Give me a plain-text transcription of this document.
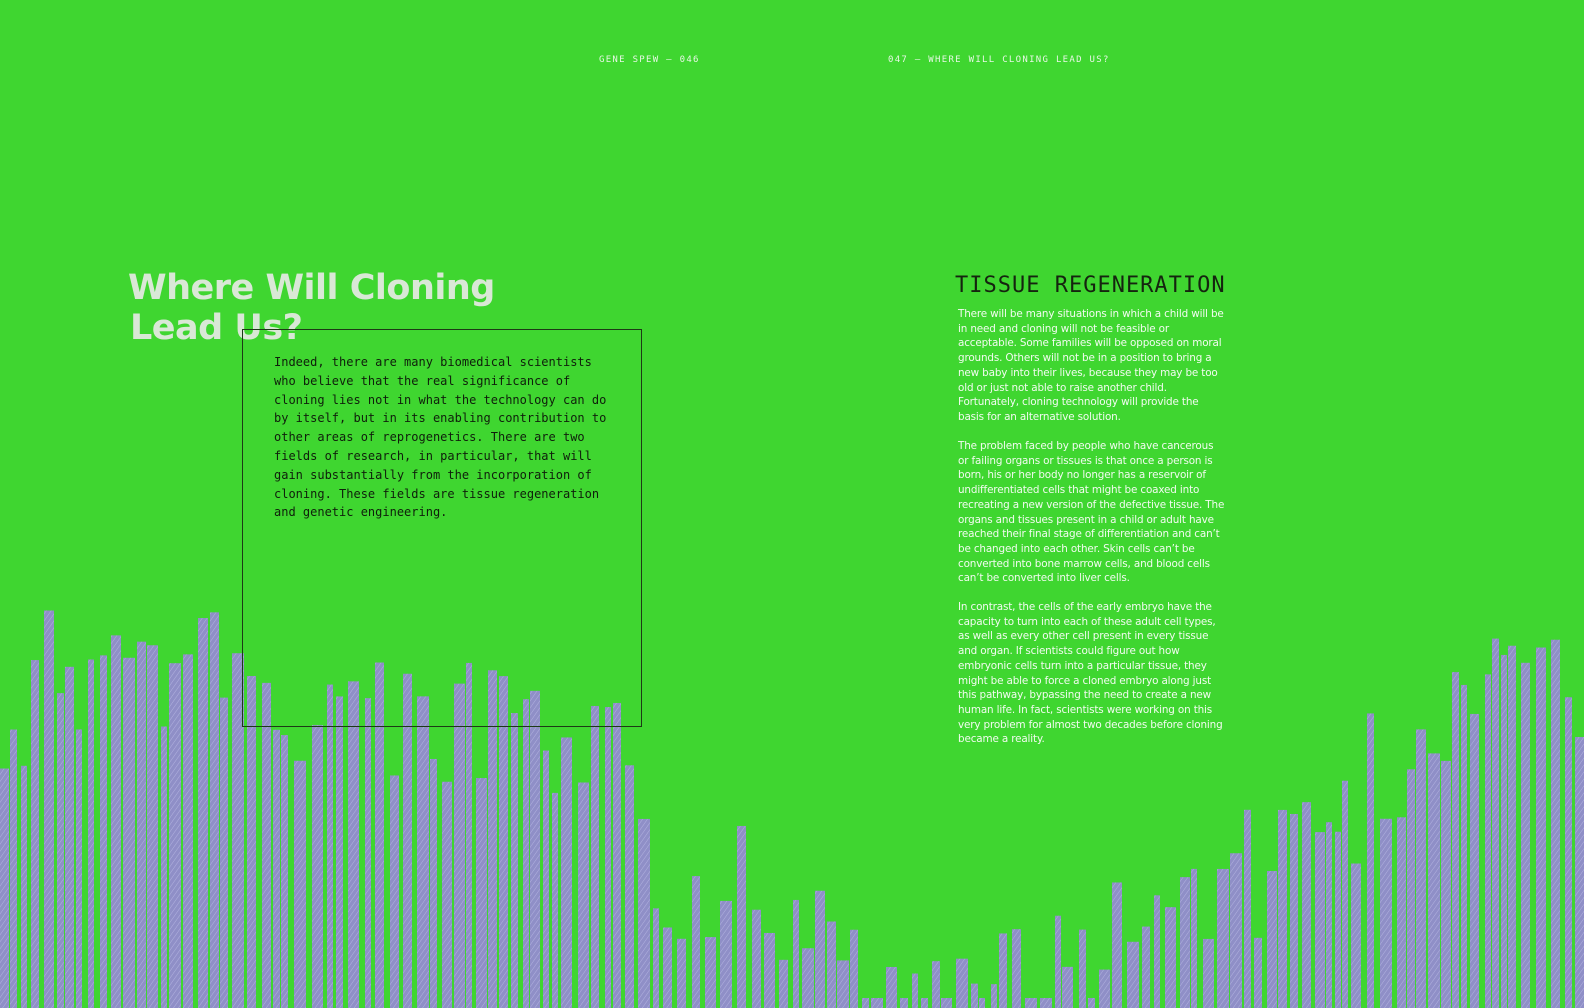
GENE SPEW — 046	047 — WHERE WILL CLONING LEAD US?
Where Will Cloning
Lead Us?

Indeed, there are many biomedical scientists who believe that the real significance of cloning lies not in what the technology can do by itself, but in its enabling contribution to other areas of reprogenetics. There are two fields of research, in particular, that will gain substantially from the incorporation of cloning. These fields are tissue regeneration and genetic engineering.

TISSUE REGENERATION

There will be many situations in which a child will be in need and cloning will not be feasible or acceptable. Some families will be opposed on moral grounds. Others will not be in a position to bring a new baby into their lives, because they may be too old or just not able to raise another child. Fortunately, cloning technology will provide the basis for an alternative solution.

The problem faced by people who have cancerous or failing organs or tissues is that once a person is born, his or her body no longer has a reservoir of undifferentiated cells that might be coaxed into recreating a new version of the defective tissue. The organs and tissues present in a child or adult have reached their final stage of differentiation and can’t be changed into each other. Skin cells can’t be converted into bone marrow cells, and blood cells can’t be converted into liver cells.

In contrast, the cells of the early embryo have the capacity to turn into each of these adult cell types, as well as every other cell present in every tissue and organ. If scientists could figure out how embryonic cells turn into a particular tissue, they might be able to force a cloned embryo along just this pathway, bypassing the need to create a new human life. In fact, scientists were working on this very problem for almost two decades before cloning became a reality.
